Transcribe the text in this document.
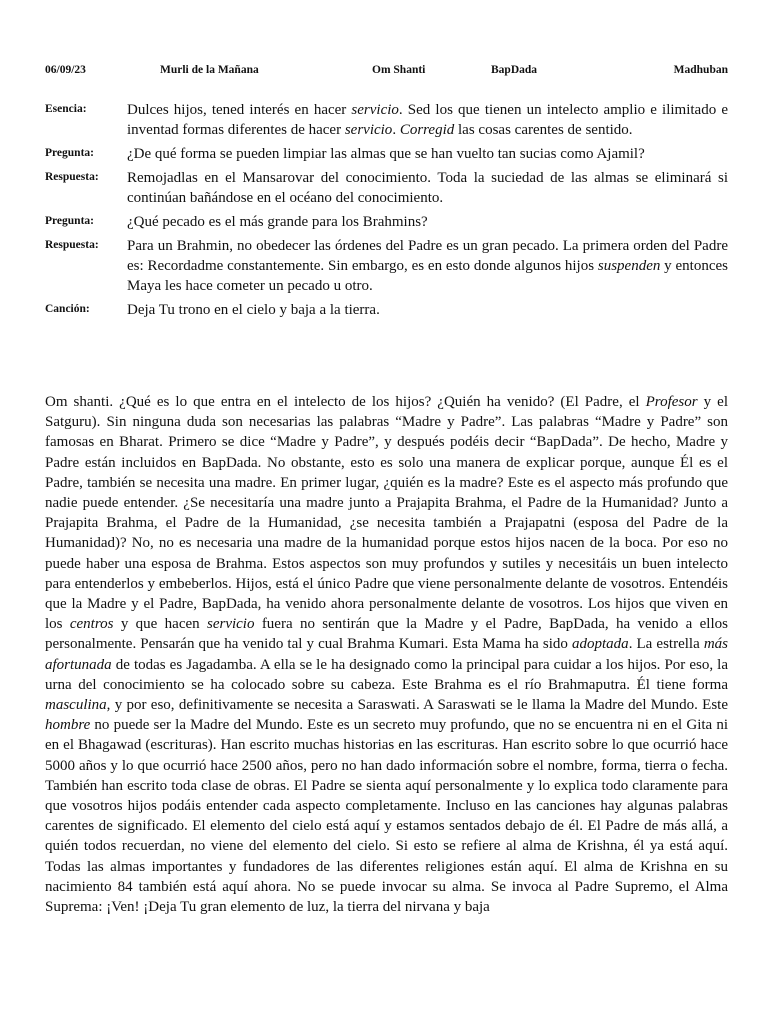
06/09/23	Murli de la Mañana	Om Shanti	BapDada	Madhuban
Esencia:	Dulces hijos, tened interés en hacer servicio. Sed los que tienen un intelecto amplio e ilimitado e inventad formas diferentes de hacer servicio. Corregid las cosas carentes de sentido.
Pregunta:	¿De qué forma se pueden limpiar las almas que se han vuelto tan sucias como Ajamil?
Respuesta:	Remojadlas en el Mansarovar del conocimiento. Toda la suciedad de las almas se eliminará si continúan bañándose en el océano del conocimiento.
Pregunta:	¿Qué pecado es el más grande para los Brahmins?
Respuesta:	Para un Brahmin, no obedecer las órdenes del Padre es un gran pecado. La primera orden del Padre es: Recordadme constantemente. Sin embargo, es en esto donde algunos hijos suspenden y entonces Maya les hace cometer un pecado u otro.
Canción:	Deja Tu trono en el cielo y baja a la tierra.

Om shanti. ¿Qué es lo que entra en el intelecto de los hijos? ¿Quién ha venido? (El Padre, el Profesor y el Satguru). Sin ninguna duda son necesarias las palabras “Madre y Padre”. Las palabras “Madre y Padre” son famosas en Bharat. Primero se dice “Madre y Padre”, y después podéis decir “BapDada”. De hecho, Madre y Padre están incluidos en BapDada. No obstante, esto es solo una manera de explicar porque, aunque Él es el Padre, también se necesita una madre. En primer lugar, ¿quién es la madre? Este es el aspecto más profundo que nadie puede entender. ¿Se necesitaría una madre junto a Prajapita Brahma, el Padre de la Humanidad? Junto a Prajapita Brahma, el Padre de la Humanidad, ¿se necesita también a Prajapatni (esposa del Padre de la Humanidad)? No, no es necesaria una madre de la humanidad porque estos hijos nacen de la boca. Por eso no puede haber una esposa de Brahma. Estos aspectos son muy profundos y sutiles y necesitáis un buen intelecto para entenderlos y embeberlos. Hijos, está el único Padre que viene personalmente delante de vosotros. Entendéis que la Madre y el Padre, BapDada, ha venido ahora personalmente delante de vosotros. Los hijos que viven en los centros y que hacen servicio fuera no sentirán que la Madre y el Padre, BapDada, ha venido a ellos personalmente. Pensarán que ha venido tal y cual Brahma Kumari. Esta Mama ha sido adoptada. La estrella más afortunada de todas es Jagadamba. A ella se le ha designado como la principal para cuidar a los hijos. Por eso, la urna del conocimiento se ha colocado sobre su cabeza. Este Brahma es el río Brahmaputra. Él tiene forma masculina, y por eso, definitivamente se necesita a Saraswati. A Saraswati se le llama la Madre del Mundo. Este hombre no puede ser la Madre del Mundo. Este es un secreto muy profundo, que no se encuentra ni en el Gita ni en el Bhagawad (escrituras). Han escrito muchas historias en las escrituras. Han escrito sobre lo que ocurrió hace 5000 años y lo que ocurrió hace 2500 años, pero no han dado información sobre el nombre, forma, tierra o fecha. También han escrito toda clase de obras. El Padre se sienta aquí personalmente y lo explica todo claramente para que vosotros hijos podáis entender cada aspecto completamente. Incluso en las canciones hay algunas palabras carentes de significado. El elemento del cielo está aquí y estamos sentados debajo de él. El Padre de más allá, a quién todos recuerdan, no viene del elemento del cielo. Si esto se refiere al alma de Krishna, él ya está aquí. Todas las almas importantes y fundadores de las diferentes religiones están aquí. El alma de Krishna en su nacimiento 84 también está aquí ahora. No se puede invocar su alma. Se invoca al Padre Supremo, el Alma Suprema: ¡Ven! ¡Deja Tu gran elemento de luz, la tierra del nirvana y baja
